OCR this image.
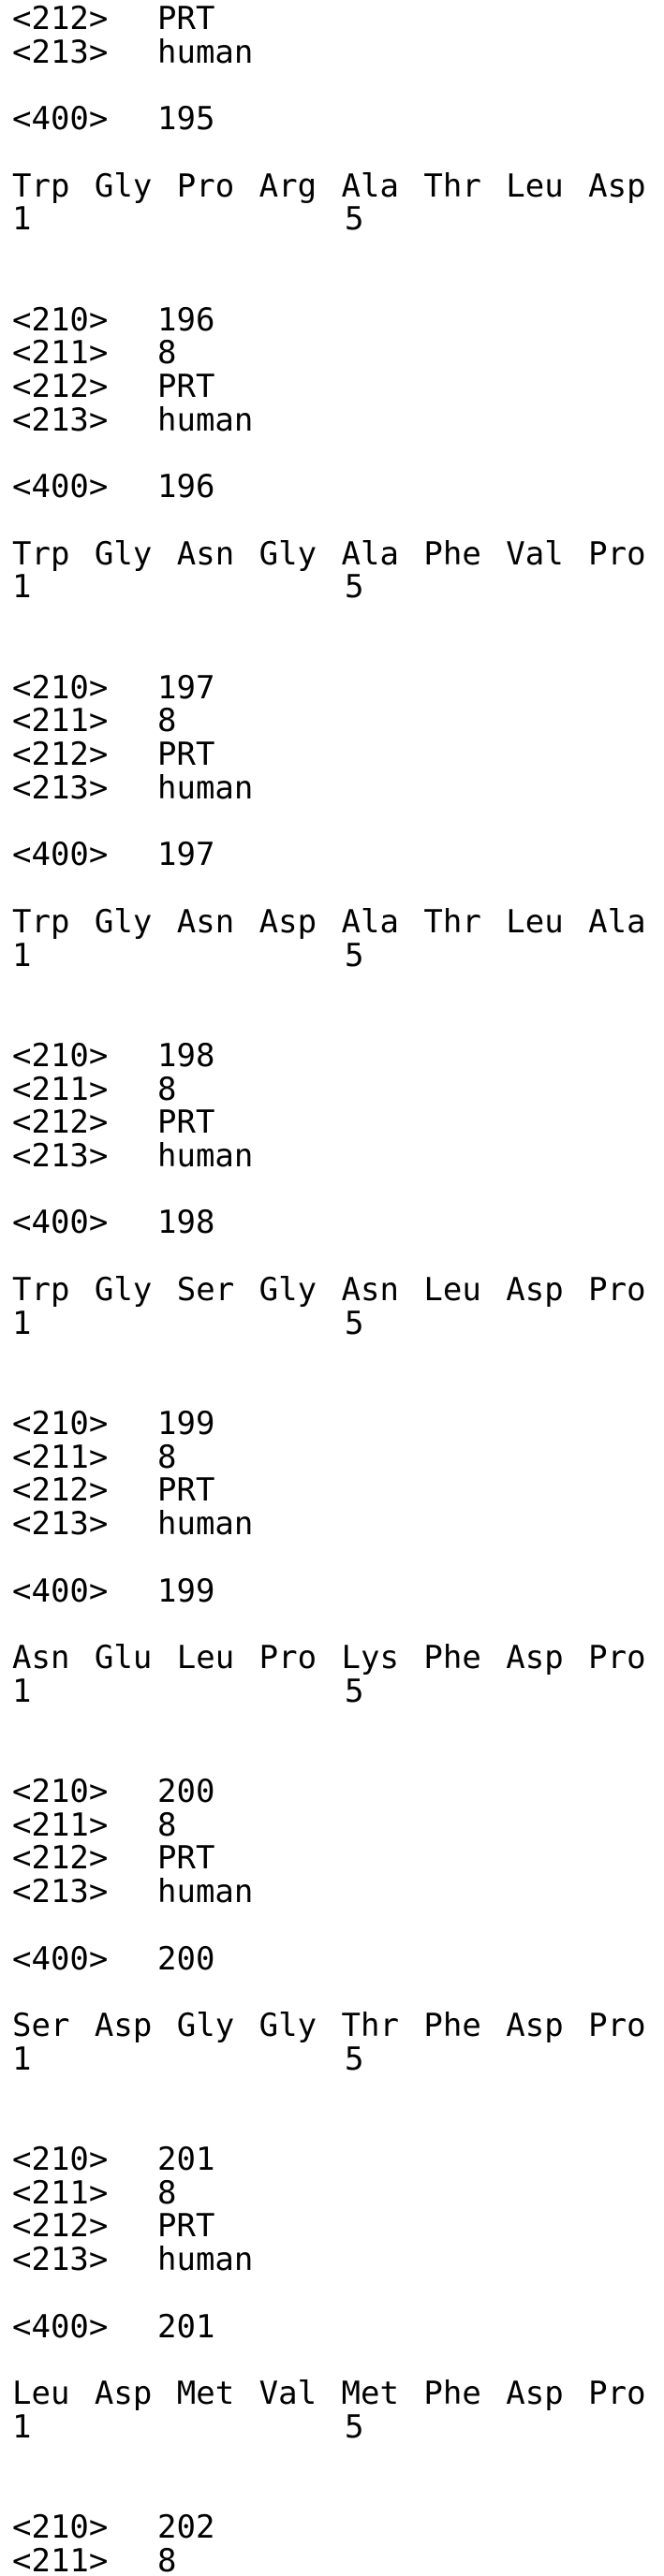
<212> PRT
<213> human
<400> 195
Trp Gly Pro Arg Ala Thr Leu Asp
1	5
<210> 196
<211> 8
<212> PRT
<213> human
<400> 196
Trp Gly Asn Gly Ala Phe Val Pro
1	5
<210> 197
<211> 8
<212> PRT
<213> human
<400> 197
Trp Gly Asn Asp Ala Thr Leu Ala
1	5
<210> 198
<211> 8
<212> PRT
<213> human
<400> 198
Trp Gly Ser Gly Asn Leu Asp Pro
1	5
<210> 199
<211> 8
<212> PRT
<213> human
<400> 199
Asn Glu Leu Pro Lys Phe Asp Pro
1	5
<210> 200
<211> 8
<212> PRT
<213> human
<400> 200
Ser Asp Gly Gly Thr Phe Asp Pro
1	5
<210> 201
<211> 8
<212> PRT
<213> human
<400> 201
Leu Asp Met Val Met Phe Asp Pro
1	5
<210> 202
<211> 8
